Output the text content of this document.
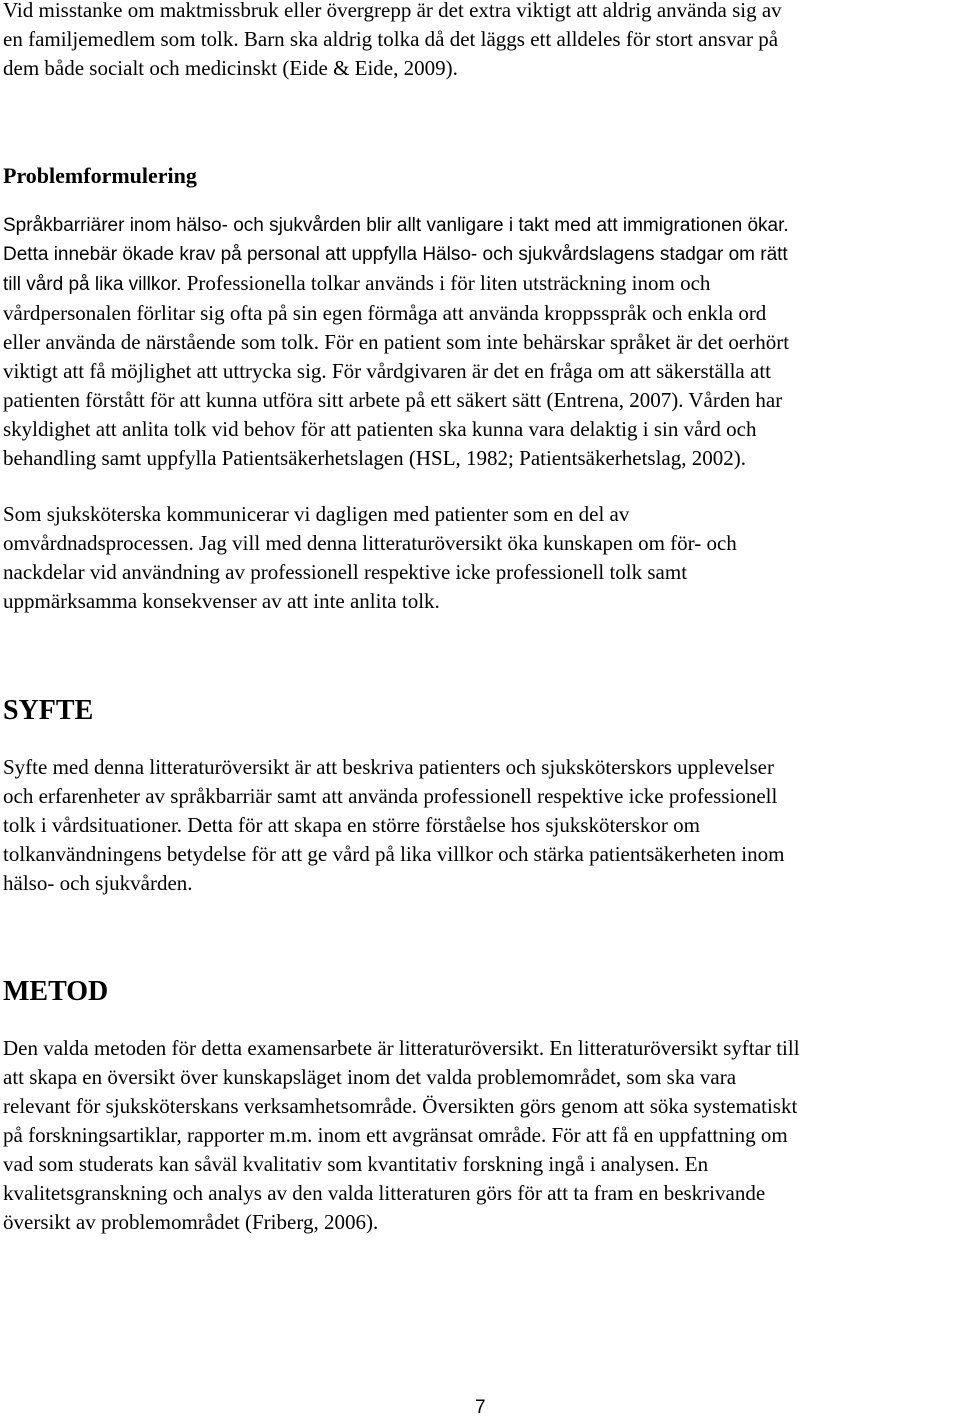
Vid misstanke om maktmissbruk eller övergrepp är det extra viktigt att aldrig använda sig av
en familjemedlem som tolk. Barn ska aldrig tolka då det läggs ett alldeles för stort ansvar på
dem både socialt och medicinskt (Eide & Eide, 2009).
Problemformulering
Språkbarriärer inom hälso- och sjukvården blir allt vanligare i takt med att immigrationen ökar.
Detta innebär ökade krav på personal att uppfylla Hälso- och sjukvårdslagens stadgar om rätt
till vård på lika villkor. Professionella tolkar används i för liten utsträckning inom och
vårdpersonalen förlitar sig ofta på sin egen förmåga att använda kroppsspråk och enkla ord
eller använda de närstående som tolk. För en patient som inte behärskar språket är det oerhört
viktigt att få möjlighet att uttrycka sig. För vårdgivaren är det en fråga om att säkerställa att
patienten förstått för att kunna utföra sitt arbete på ett säkert sätt (Entrena, 2007). Vården har
skyldighet att anlita tolk vid behov för att patienten ska kunna vara delaktig i sin vård och
behandling samt uppfylla Patientsäkerhetslagen (HSL, 1982; Patientsäkerhetslag, 2002).
Som sjuksköterska kommunicerar vi dagligen med patienter som en del av
omvårdnadsprocessen. Jag vill med denna litteraturöversikt öka kunskapen om för- och
nackdelar vid användning av professionell respektive icke professionell tolk samt
uppmärksamma konsekvenser av att inte anlita tolk.
SYFTE
Syfte med denna litteraturöversikt är att beskriva patienters och sjuksköterskors upplevelser
och erfarenheter av språkbarriär samt att använda professionell respektive icke professionell
tolk i vårdsituationer. Detta för att skapa en större förståelse hos sjuksköterskor om
tolkanvändningens betydelse för att ge vård på lika villkor och stärka patientsäkerheten inom
hälso- och sjukvården.
METOD
Den valda metoden för detta examensarbete är litteraturöversikt. En litteraturöversikt syftar till
att skapa en översikt över kunskapsläget inom det valda problemområdet, som ska vara
relevant för sjuksköterskans verksamhetsområde. Översikten görs genom att söka systematiskt
på forskningsartiklar, rapporter m.m. inom ett avgränsat område. För att få en uppfattning om
vad som studerats kan såväl kvalitativ som kvantitativ forskning ingå i analysen. En
kvalitetsgranskning och analys av den valda litteraturen görs för att ta fram en beskrivande
översikt av problemområdet (Friberg, 2006).
7
